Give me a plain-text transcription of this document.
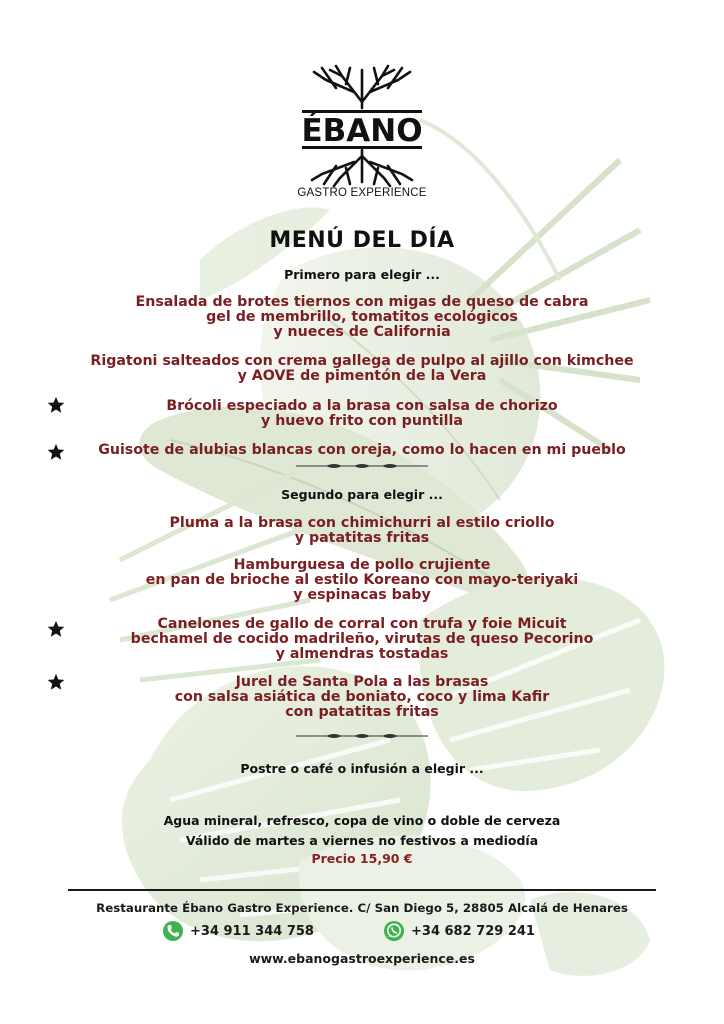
ÉBANO
GASTRO EXPERIENCE
MENÚ DEL DÍA
Primero para elegir ...
Ensalada de brotes tiernos con migas de queso de cabra
gel de membrillo, tomatitos ecológicos
y nueces de California
Rigatoni salteados con crema gallega de pulpo al ajillo con kimchee
y AOVE de pimentón de la Vera
Brócoli especiado a la brasa con salsa de chorizo
y huevo frito con puntilla
Guisote de alubias blancas con oreja, como lo hacen en mi pueblo
Segundo para elegir ...
Pluma a la brasa con chimichurri al estilo criollo
y patatitas fritas
Hamburguesa de pollo crujiente
en pan de brioche al estilo Koreano con mayo-teriyaki
y espinacas baby
Canelones de gallo de corral con trufa y foie Micuit
bechamel de cocido madrileño, virutas de queso Pecorino
y almendras tostadas
Jurel de Santa Pola a las brasas
con salsa asiática de boniato, coco y lima Kafir
con patatitas fritas
Postre o café o infusión a elegir ...
Agua mineral, refresco, copa de vino o doble de cerveza
Válido de martes a viernes no festivos a mediodía
Precio 15,90 €
Restaurante Ébano Gastro Experience. C/ San Diego 5, 28805 Alcalá de Henares
+34 911 344 758	+34 682 729 241
www.ebanogastroexperience.es
